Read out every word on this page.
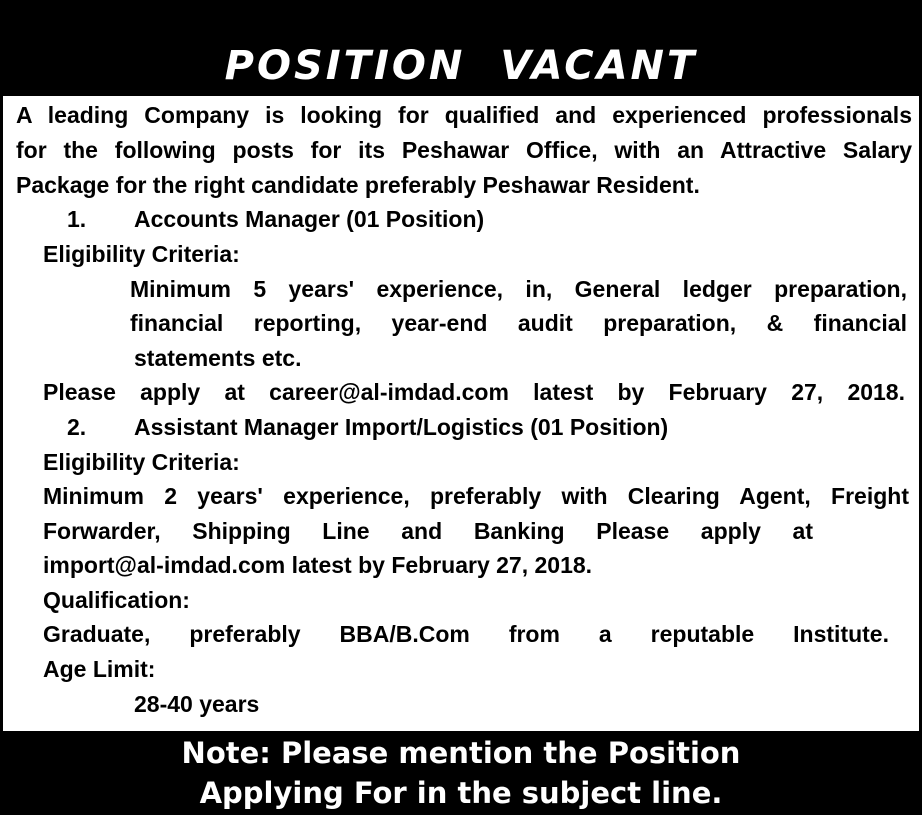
POSITION VACANT
A leading Company is looking for qualified and experienced professionals
for the following posts for its Peshawar Office, with an Attractive Salary
Package for the right candidate preferably Peshawar Resident.
1. Accounts Manager (01 Position)
Eligibility Criteria:
Minimum 5 years' experience, in, General ledger preparation,
financial reporting, year-end audit preparation, & financial
statements etc.
Please apply at career@al-imdad.com latest by February 27, 2018.
2. Assistant Manager Import/Logistics (01 Position)
Eligibility Criteria:
Minimum 2 years' experience, preferably with Clearing Agent, Freight
Forwarder, Shipping Line and Banking Please apply at
import@al-imdad.com latest by February 27, 2018.
Qualification:
Graduate, preferably BBA/B.Com from a reputable Institute.
Age Limit:
28-40 years
Note: Please mention the Position
Applying For in the subject line.
